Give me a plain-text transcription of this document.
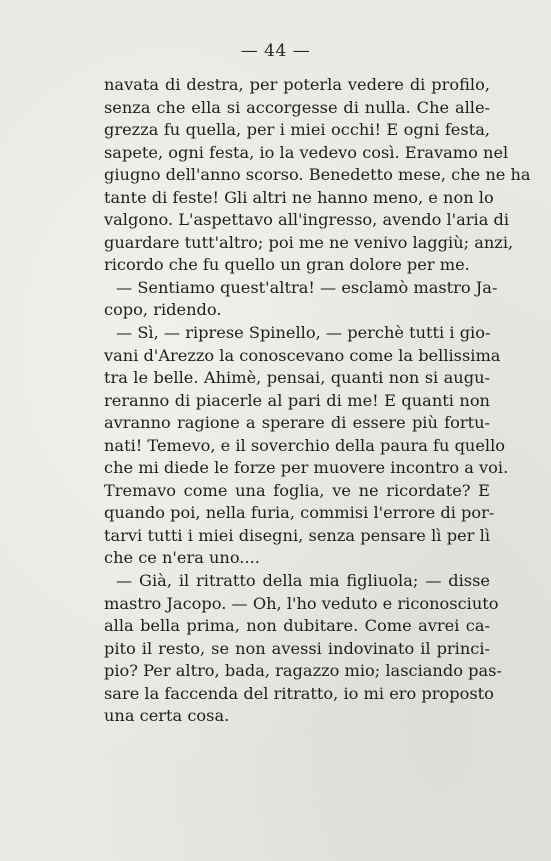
— 44 —
navata di destra, per poterla vedere di profilo,
senza che ella si accorgesse di nulla. Che alle-
grezza fu quella, per i miei occhi! E ogni festa,
sapete, ogni festa, io la vedevo così. Eravamo nel
giugno dell'anno scorso. Benedetto mese, che ne ha
tante di feste! Gli altri ne hanno meno, e non lo
valgono. L'aspettavo all'ingresso, avendo l'aria di
guardare tutt'altro; poi me ne venivo laggiù; anzi,
ricordo che fu quello un gran dolore per me.
— Sentiamo quest'altra! — esclamò mastro Ja-
copo, ridendo.
— Sì, — riprese Spinello, — perchè tutti i gio-
vani d'Arezzo la conoscevano come la bellissima
tra le belle. Ahimè, pensai, quanti non si augu-
reranno di piacerle al pari di me! E quanti non
avranno ragione a sperare di essere più fortu-
nati! Temevo, e il soverchio della paura fu quello
che mi diede le forze per muovere incontro a voi.
Tremavo come una foglia, ve ne ricordate? E
quando poi, nella furia, commisi l'errore di por-
tarvi tutti i miei disegni, senza pensare lì per lì
che ce n'era uno....
— Già, il ritratto della mia figliuola; — disse
mastro Jacopo. — Oh, l'ho veduto e riconosciuto
alla bella prima, non dubitare. Come avrei ca-
pito il resto, se non avessi indovinato il princi-
pio? Per altro, bada, ragazzo mio; lasciando pas-
sare la faccenda del ritratto, io mi ero proposto
una certa cosa.
